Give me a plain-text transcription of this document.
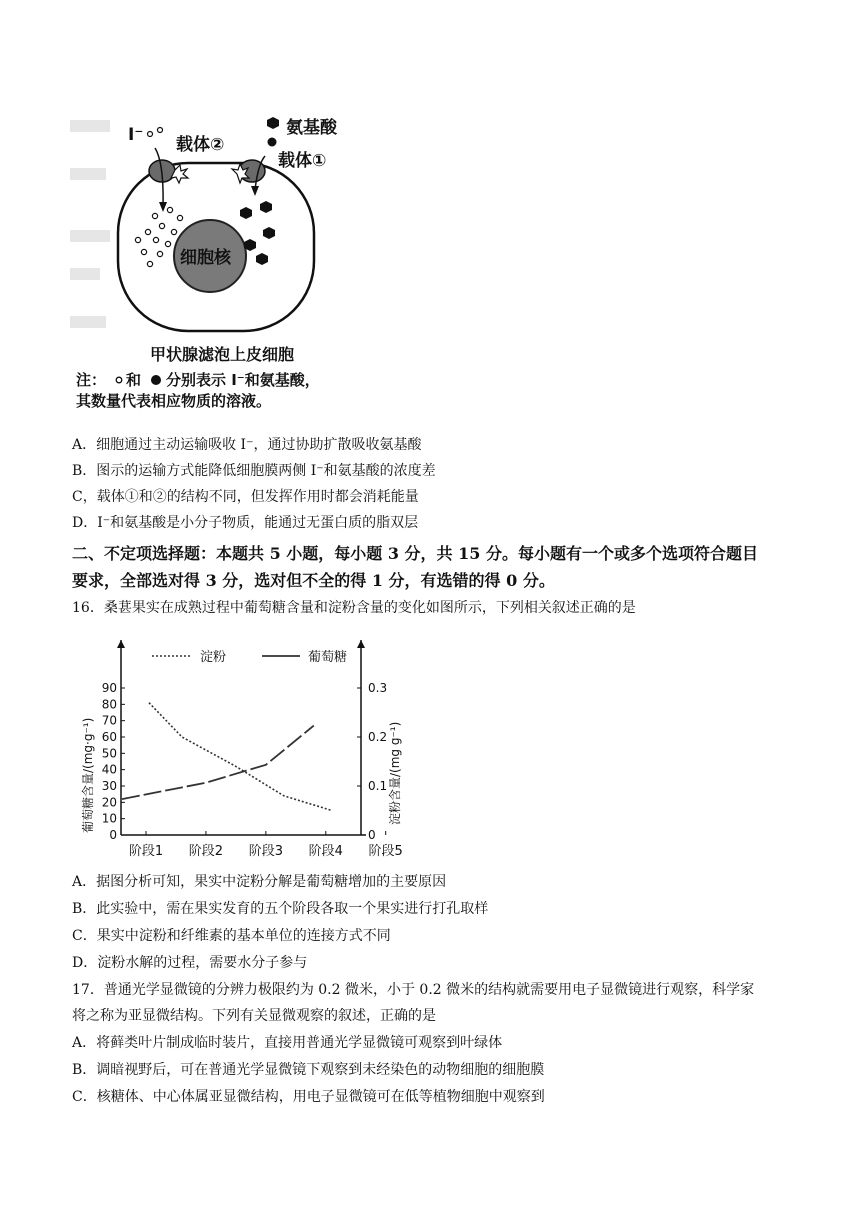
I⁻ 载体②
氨基酸
载体①
细胞核
甲状腺滤泡上皮细胞
注： 和 分别表示 I⁻和氨基酸，
其数量代表相应物质的溶液。
A．细胞通过主动运输吸收 I⁻，通过协助扩散吸收氨基酸
B．图示的运输方式能降低细胞膜两侧 I⁻和氨基酸的浓度差
C，载体①和②的结构不同，但发挥作用时都会消耗能量
D．I⁻和氨基酸是小分子物质，能通过无蛋白质的脂双层
二、不定项选择题：本题共 5 小题，每小题 3 分，共 15 分。每小题有一个或多个选项符合题目
要求，全部选对得 3 分，选对但不全的得 1 分，有选错的得 0 分。
16．桑葚果实在成熟过程中葡萄糖含量和淀粉含量的变化如图所示，下列相关叙述正确的是
0
10
20
30
40
50
60
70
80
90
0
0.1
0.2
0.3
阶段1 阶段2 阶段3 阶段4 阶段5
葡萄糖含量/(mg·g⁻¹)	淀粉含量/(mg g⁻¹)
淀粉	葡萄糖
A．据图分析可知，果实中淀粉分解是葡萄糖增加的主要原因
B．此实验中，需在果实发育的五个阶段各取一个果实进行打孔取样
C．果实中淀粉和纤维素的基本单位的连接方式不同
D．淀粉水解的过程，需要水分子参与
17．普通光学显微镜的分辨力极限约为 0.2 微米，小于 0.2 微米的结构就需要用电子显微镜进行观察，科学家
将之称为亚显微结构。下列有关显微观察的叙述，正确的是
A．将藓类叶片制成临时装片，直接用普通光学显微镜可观察到叶绿体
B．调暗视野后，可在普通光学显微镜下观察到未经染色的动物细胞的细胞膜
C．核糖体、中心体属亚显微结构，用电子显微镜可在低等植物细胞中观察到
